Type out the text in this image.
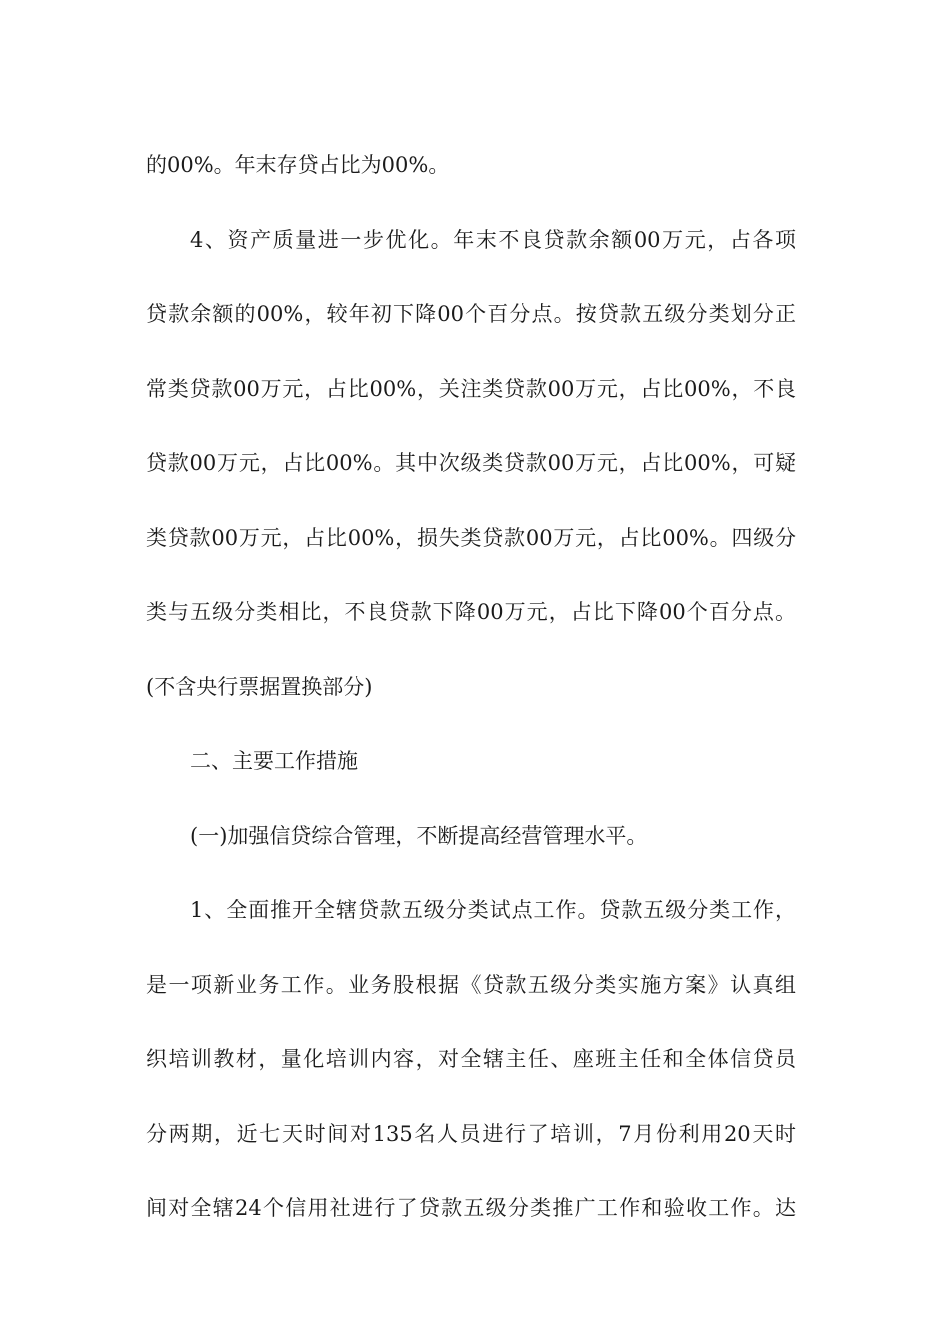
的00%。年末存贷占比为00%。
4、资产质量进一步优化。年末不良贷款余额00万元，占各项
贷款余额的00%，较年初下降00个百分点。按贷款五级分类划分正
常类贷款00万元，占比00%，关注类贷款00万元，占比00%，不良
贷款00万元，占比00%。其中次级类贷款00万元，占比00%，可疑
类贷款00万元，占比00%，损失类贷款00万元，占比00%。四级分
类与五级分类相比，不良贷款下降00万元，占比下降00个百分点。
(不含央行票据置换部分)
二、主要工作措施
(一)加强信贷综合管理，不断提高经营管理水平。
1、全面推开全辖贷款五级分类试点工作。贷款五级分类工作，
是一项新业务工作。业务股根据《贷款五级分类实施方案》认真组
织培训教材，量化培训内容，对全辖主任、座班主任和全体信贷员
分两期，近七天时间对135名人员进行了培训，7月份利用20天时
间对全辖24个信用社进行了贷款五级分类推广工作和验收工作。达
